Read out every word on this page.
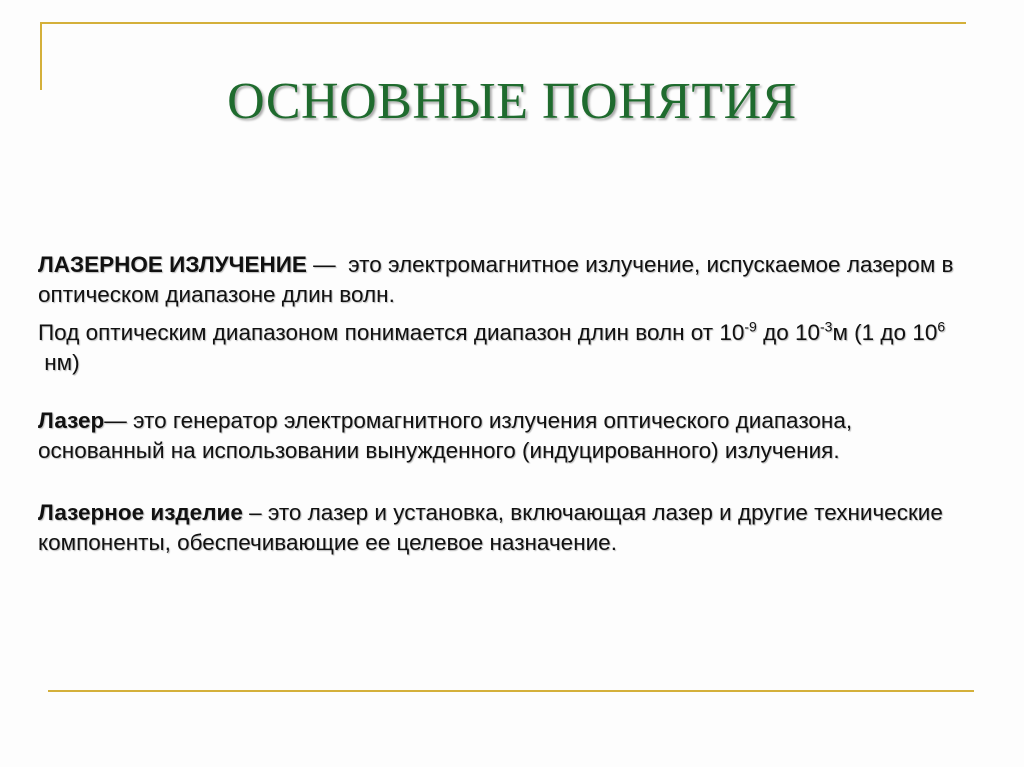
ОСНОВНЫЕ ПОНЯТИЯ

ЛАЗЕРНОЕ ИЗЛУЧЕНИЕ —  это электромагнитное излучение, испускаемое лазером в оптическом диапазоне длин волн.

Под оптическим диапазоном понимается диапазон длин волн от $10^{-9}$ до $10^{-3}м$ (1 до $10^6$ нм)

Лазер— это генератор электромагнитного излучения оптического диапазона, основанный на использовании вынужденного (индуцированного) излучения.

Лазерное изделие – это лазер и установка, включающая лазер и другие технические компоненты, обеспечивающие ее целевое назначение.
